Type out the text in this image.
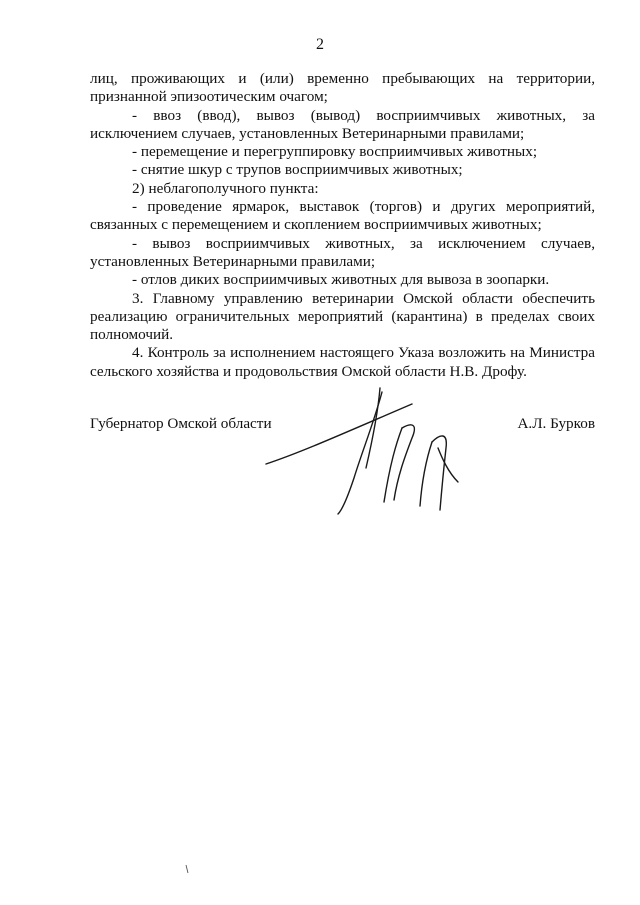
2

лиц, проживающих и (или) временно пребывающих на территории, признанной эпизоотическим очагом;

- ввоз (ввод), вывоз (вывод) восприимчивых животных, за исключением случаев, установленных Ветеринарными правилами;

- перемещение и перегруппировку восприимчивых животных;

- снятие шкур с трупов восприимчивых животных;

2) неблагополучного пункта:

- проведение ярмарок, выставок (торгов) и других мероприятий, связанных с перемещением и скоплением восприимчивых животных;

- вывоз восприимчивых животных, за исключением случаев, установленных Ветеринарными правилами;

- отлов диких восприимчивых животных для вывоза в зоопарки.

3. Главному управлению ветеринарии Омской области обеспечить реализацию ограничительных мероприятий (карантина) в пределах своих полномочий.

4. Контроль за исполнением настоящего Указа возложить на Министра сельского хозяйства и продовольствия Омской области Н.В. Дрофу.

Губернатор Омской области	А.Л. Бурков
